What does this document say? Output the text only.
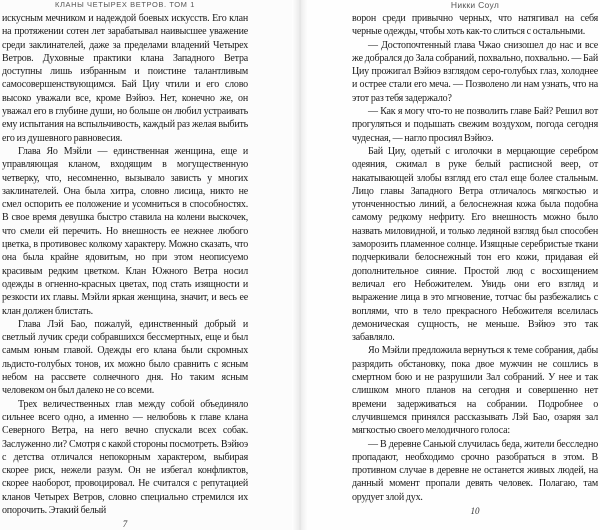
КЛАНЫ ЧЕТЫРЕХ ВЕТРОВ. ТОМ 1

искусным мечником и надеждой боевых искусств. Его клан на протяжении сотен лет зарабатывал наивысшее уважение среди заклинателей, даже за пределами владений Четырех Ветров. Духовные практики клана Западного Ветра доступны лишь избранным и поистине талантливым самосовершенствующимся. Бай Циу чтили и его слово высоко уважали все, кроме Вэйюэ. Нет, конечно же, он уважал его в глубине души, но больше он любил устраивать ему испытания на вспыльчивость, каждый раз желая выбить его из душевного равновесия.

Глава Яо Мэйли — единственная женщина, еще и управляющая кланом, входящим в могущественную четверку, что, несомненно, вызывало зависть у многих заклинателей. Она была хитра, словно лисица, никто не смел оспорить ее положение и усомниться в способностях. В свое время девушка быстро ставила на колени выскочек, что смели ей перечить. Но внешность ее нежнее любого цветка, в противовес колкому характеру. Можно сказать, что она была крайне ядовитым, но при этом неописуемо красивым редким цветком. Клан Южного Ветра носил одежды в огненно-красных цветах, под стать изящности и резкости их главы. Мэйли яркая женщина, значит, и весь ее клан должен блистать.

Глава Лэй Бао, пожалуй, единственный добрый и светлый лучик среди собравшихся бессмертных, еще и был самым юным главой. Одежды его клана были скромных льдисто-голубых тонов, их можно было сравнить с ясным небом на рассвете солнечного дня. Но таким ясным человеком он был далеко не со всеми.

Трех величественных глав между собой объединяло сильнее всего одно, а именно — нелюбовь к главе клана Северного Ветра, на него вечно спускали всех собак. Заслуженно ли? Смотря с какой стороны посмотреть. Вэйюэ с детства отличался непокорным характером, выбирая скорее риск, нежели разум. Он не избегал конфликтов, скорее наоборот, провоцировал. Не считался с репутацией кланов Четырех Ветров, словно специально стремился их опорочить. Этакий белый

7
Никки Соул

ворон среди привычно черных, что натягивал на себя черные одежды, чтобы хоть как-то слиться с остальными.

— Достопочтенный глава Чжао снизошел до нас и все же добрался до Зала собраний, похвально, похвально. — Бай Циу прожигал Вэйюэ взглядом серо-голубых глаз, холоднее и острее стали его меча. — Позволено ли нам узнать, что на этот раз тебя задержало?

— Как я могу что-то не позволить главе Бай? Решил вот прогуляться и подышать свежим воздухом, погода сегодня чудесная, — нагло просиял Вэйюэ.

Бай Циу, одетый с иголочки в мерцающие серебром одеяния, сжимал в руке белый расписной веер, от накатывающей злобы взгляд его стал еще более стальным. Лицо главы Западного Ветра отличалось мягкостью и утонченностью линий, а белоснежная кожа была подобна самому редкому нефриту. Его внешность можно было назвать миловидной, и только ледяной взгляд был способен заморозить пламенное солнце. Изящные серебристые ткани подчеркивали белоснежный тон его кожи, придавая ей дополнительное сияние. Простой люд с восхищением величал его Небожителем. Увидь они его взгляд и выражение лица в это мгновение, тотчас бы разбежались с воплями, что в тело прекрасного Небожителя вселилась демоническая сущность, не меньше. Вэйюэ это так забавляло.

Яо Мэйли предложила вернуться к теме собрания, дабы разрядить обстановку, пока двое мужчин не сошлись в смертном бою и не разрушили Зал собраний. У нее и так слишком много планов на сегодня и совершенно нет времени задерживаться на собрании. Подробнее о случившемся принялся рассказывать Лэй Бао, озаряя зал мягкостью своего мелодичного голоса:

— В деревне Саньюй случилась беда, жители бесследно пропадают, необходимо срочно разобраться в этом. В противном случае в деревне не останется живых людей, на данный момент пропали девять человек. Полагаю, там орудует злой дух.

10
